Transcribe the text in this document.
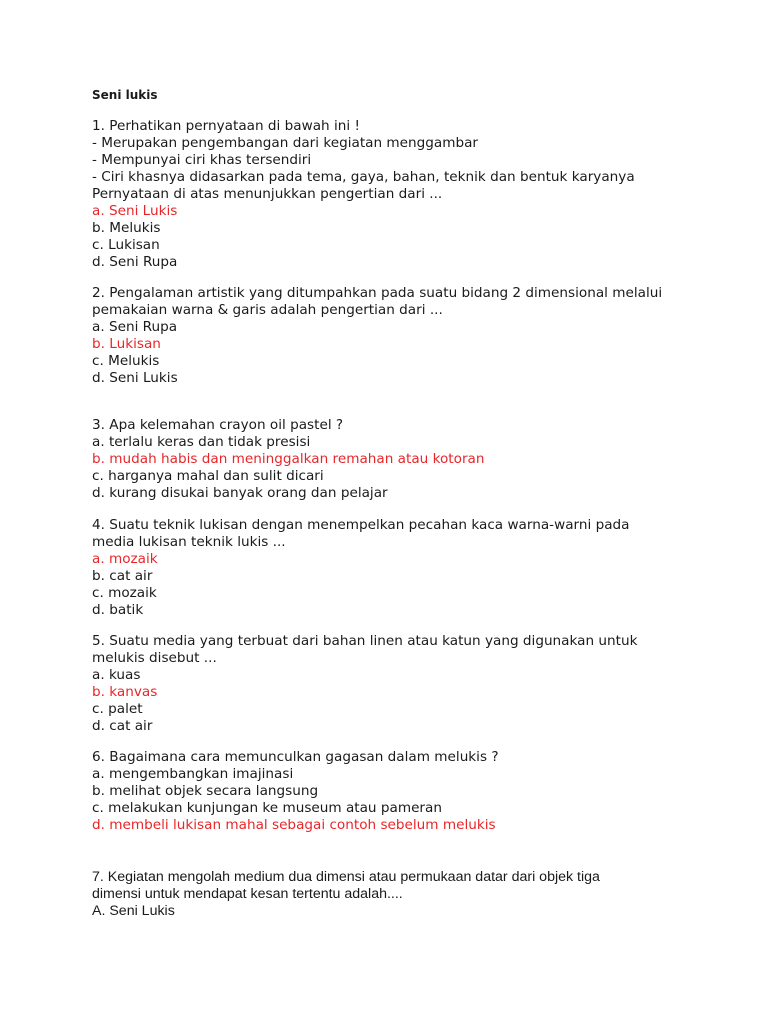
Seni lukis
1. Perhatikan pernyataan di bawah ini !
- Merupakan pengembangan dari kegiatan menggambar
- Mempunyai ciri khas tersendiri
- Ciri khasnya didasarkan pada tema, gaya, bahan, teknik dan bentuk karyanya
Pernyataan di atas menunjukkan pengertian dari ...
a. Seni Lukis
b. Melukis
c. Lukisan
d. Seni Rupa
2. Pengalaman artistik yang ditumpahkan pada suatu bidang 2 dimensional melalui
pemakaian warna & garis adalah pengertian dari ...
a. Seni Rupa
b. Lukisan
c. Melukis
d. Seni Lukis
3. Apa kelemahan crayon oil pastel ?
a. terlalu keras dan tidak presisi
b. mudah habis dan meninggalkan remahan atau kotoran
c. harganya mahal dan sulit dicari
d. kurang disukai banyak orang dan pelajar
4. Suatu teknik lukisan dengan menempelkan pecahan kaca warna-warni pada
media lukisan teknik lukis ...
a. mozaik
b. cat air
c. mozaik
d. batik
5. Suatu media yang terbuat dari bahan linen atau katun yang digunakan untuk
melukis disebut ...
a. kuas
b. kanvas
c. palet
d. cat air
6. Bagaimana cara memunculkan gagasan dalam melukis ?
a. mengembangkan imajinasi
b. melihat objek secara langsung
c. melakukan kunjungan ke museum atau pameran
d. membeli lukisan mahal sebagai contoh sebelum melukis
7. Kegiatan mengolah medium dua dimensi atau permukaan datar dari objek tiga
dimensi untuk mendapat kesan tertentu adalah....
A. Seni Lukis
